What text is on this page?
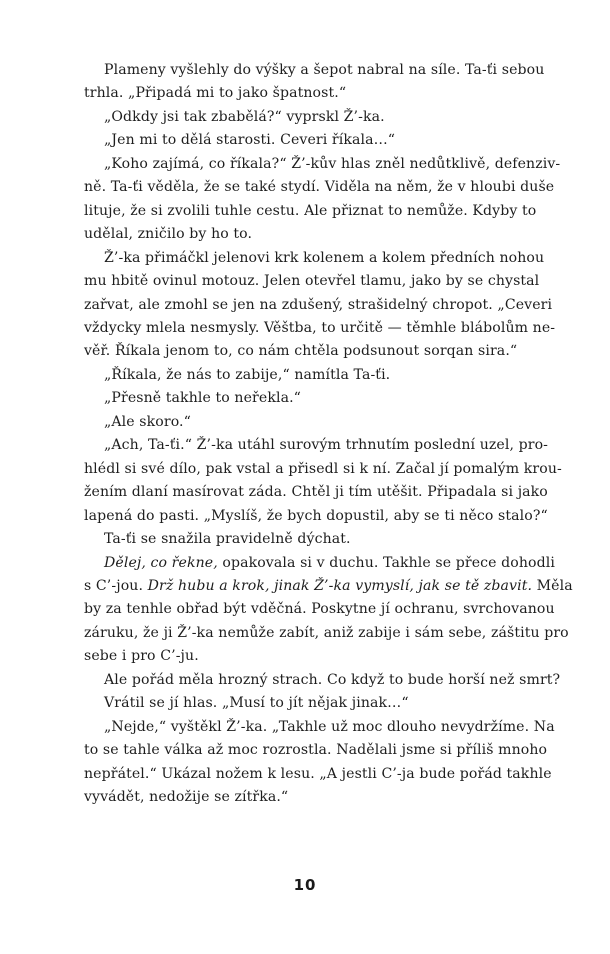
Plameny vyšlehly do výšky a šepot nabral na síle. Ta-ťi sebou
trhla. „Připadá mi to jako špatnost.“
„Odkdy jsi tak zbabělá?“ vyprskl Ž’-ka.
„Jen mi to dělá starosti. Ceveri říkala…“
„Koho zajímá, co říkala?“ Ž’-kův hlas zněl nedůtklivě, defenziv-
ně. Ta-ťi věděla, že se také stydí. Viděla na něm, že v hloubi duše
lituje, že si zvolili tuhle cestu. Ale přiznat to nemůže. Kdyby to
udělal, zničilo by ho to.
Ž’-ka přimáčkl jelenovi krk kolenem a kolem předních nohou
mu hbitě ovinul motouz. Jelen otevřel tlamu, jako by se chystal
zařvat, ale zmohl se jen na zdušený, strašidelný chropot. „Ceveri
vždycky mlela nesmysly. Věštba, to určitě — těmhle blábolům ne-
věř. Říkala jenom to, co nám chtěla podsunout sorqan sira.“
„Říkala, že nás to zabije,“ namítla Ta-ťi.
„Přesně takhle to neřekla.“
„Ale skoro.“
„Ach, Ta-ťi.“ Ž’-ka utáhl surovým trhnutím poslední uzel, pro-
hlédl si své dílo, pak vstal a přisedl si k ní. Začal jí pomalým krou-
žením dlaní masírovat záda. Chtěl ji tím utěšit. Připadala si jako
lapená do pasti. „Myslíš, že bych dopustil, aby se ti něco stalo?“
Ta-ťi se snažila pravidelně dýchat.
Dělej, co řekne, opakovala si v duchu. Takhle se přece dohodli
s C’-jou. Drž hubu a krok, jinak Ž’-ka vymyslí, jak se tě zbavit. Měla
by za tenhle obřad být vděčná. Poskytne jí ochranu, svrchovanou
záruku, že ji Ž’-ka nemůže zabít, aniž zabije i sám sebe, záštitu pro
sebe i pro C’-ju.
Ale pořád měla hrozný strach. Co když to bude horší než smrt?
Vrátil se jí hlas. „Musí to jít nějak jinak…“
„Nejde,“ vyštěkl Ž’-ka. „Takhle už moc dlouho nevydržíme. Na
to se tahle válka až moc rozrostla. Nadělali jsme si příliš mnoho
nepřátel.“ Ukázal nožem k lesu. „A jestli C’-ja bude pořád takhle
vyvádět, nedožije se zítřka.“
10
